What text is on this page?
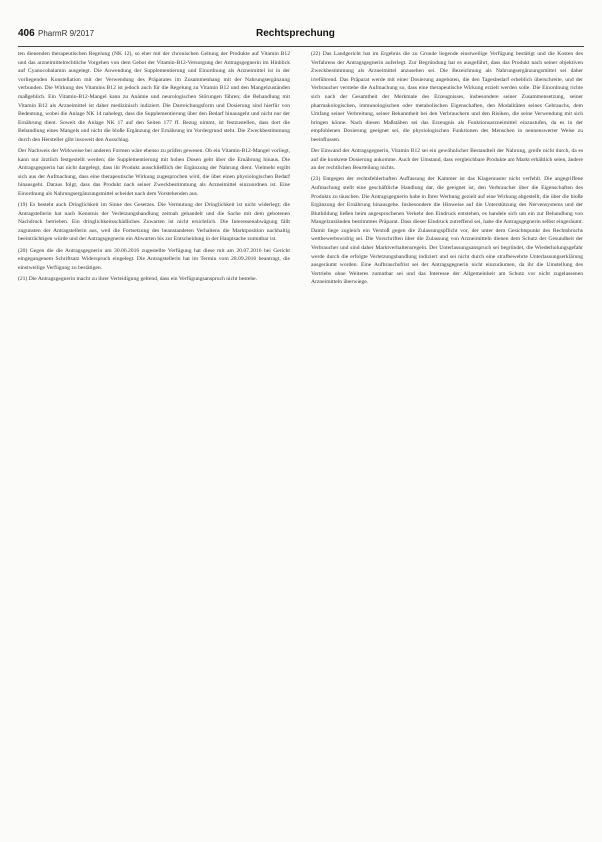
406 PharmR 9/2017	Rechtsprechung

ten dienenden therapeutischen Regelung (NK 12), so eher mit der chronischen Geltung der Produkte auf Vitamin B12 und das arzneimittelrechtliche Vorgehen von dem Gebot der Vitamin-B12-Versorgung der Antragsgegnerin im Hinblick auf Cyanocobalamin ausgelegt. Die Anwendung der Supplementierung und Einordnung als Arzneimittel ist in der vorliegenden Konstellation mit der Verwendung des Präparates im Zusammenhang mit der Nahrungsergänzung verbunden. Die Wirkung des Vitamins B12 ist jedoch auch für die Regelung zu Vitamin B12 und den Mangelzuständen maßgeblich. Ein Vitamin-B12-Mangel kann zu Anämie und neurologischen Störungen führen; die Behandlung mit Vitamin B12 als Arzneimittel ist daher medizinisch indiziert. Die Darreichungsform und Dosierung sind hierfür von Bedeutung, wobei die Anlage NK 14 nahelegt, dass die Supplementierung über den Bedarf hinausgeht und nicht nur der Ernährung dient. Soweit die Anlage NK 17 auf den Seiten 177 ff. Bezug nimmt, ist festzustellen, dass dort die Behandlung eines Mangels und nicht die bloße Ergänzung der Ernährung im Vordergrund steht. Die Zweckbestimmung durch den Hersteller gibt insoweit den Ausschlag.

Der Nachweis der Wirkweise bei anderen Formen wäre ebenso zu prüfen gewesen. Ob ein Vitamin-B12-Mangel vorliegt, kann nur ärztlich festgestellt werden; die Supplementierung mit hohen Dosen geht über die Ernährung hinaus. Die Antragsgegnerin hat nicht dargelegt, dass ihr Produkt ausschließlich der Ergänzung der Nahrung dient. Vielmehr ergibt sich aus der Aufmachung, dass eine therapeutische Wirkung zugesprochen wird, die über einen physiologischen Bedarf hinausgeht. Daraus folgt, dass das Produkt nach seiner Zweckbestimmung als Arzneimittel einzuordnen ist. Eine Einordnung als Nahrungsergänzungsmittel scheidet nach dem Vorstehenden aus.

(19) Es besteht auch Dringlichkeit im Sinne des Gesetzes. Die Vermutung der Dringlichkeit ist nicht widerlegt; die Antragstellerin hat nach Kenntnis der Verletzungshandlung zeitnah gehandelt und die Sache mit dem gebotenen Nachdruck betrieben. Ein dringlichkeitsschädliches Zuwarten ist nicht ersichtlich. Die Interessenabwägung fällt zugunsten der Antragstellerin aus, weil die Fortsetzung des beanstandeten Verhaltens die Marktposition nachhaltig beeinträchtigen würde und der Antragsgegnerin ein Abwarten bis zur Entscheidung in der Hauptsache zumutbar ist.

(20) Gegen die die Antragsgegnerin am 30.06.2016 zugestellte Verfügung hat diese mit am 20.07.2016 bei Gericht eingegangenem Schriftsatz Widerspruch eingelegt. Die Antragstellerin hat im Termin vom 28.09.2016 beantragt, die einstweilige Verfügung zu bestätigen.

(21) Die Antragsgegnerin macht zu ihrer Verteidigung geltend, dass ein Verfügungsanspruch nicht bestehe.

(22) Das Landgericht hat im Ergebnis die zu Grunde liegende einstweilige Verfügung bestätigt und die Kosten des Verfahrens der Antragsgegnerin auferlegt. Zur Begründung hat es ausgeführt, dass das Produkt nach seiner objektiven Zweckbestimmung als Arzneimittel anzusehen sei. Die Bezeichnung als Nahrungsergänzungsmittel sei daher irreführend. Das Präparat werde mit einer Dosierung angeboten, die den Tagesbedarf erheblich überschreite, und der Verbraucher verstehe die Aufmachung so, dass eine therapeutische Wirkung erzielt werden solle. Die Einordnung richte sich nach der Gesamtheit der Merkmale des Erzeugnisses, insbesondere seiner Zusammensetzung, seiner pharmakologischen, immunologischen oder metabolischen Eigenschaften, den Modalitäten seines Gebrauchs, dem Umfang seiner Verbreitung, seiner Bekanntheit bei den Verbrauchern und den Risiken, die seine Verwendung mit sich bringen könne. Nach diesen Maßstäben sei das Erzeugnis als Funktionsarzneimittel einzustufen, da es in der empfohlenen Dosierung geeignet sei, die physiologischen Funktionen des Menschen in nennenswerter Weise zu beeinflussen.

Der Einwand der Antragsgegnerin, Vitamin B12 sei ein gewöhnlicher Bestandteil der Nahrung, greife nicht durch, da es auf die konkrete Dosierung ankomme. Auch der Umstand, dass vergleichbare Produkte am Markt erhältlich seien, ändere an der rechtlichen Beurteilung nichts.

(23) Entgegen der rechtsfehlerhaften Auffassung der Kammer ist das Klagemuster nicht verfehlt. Die angegriffene Aufmachung stellt eine geschäftliche Handlung dar, die geeignet ist, den Verbraucher über die Eigenschaften des Produkts zu täuschen. Die Antragsgegnerin habe in Ihrer Werbung gezielt auf eine Wirkung abgestellt, die über die bloße Ergänzung der Ernährung hinausgehe. Insbesondere die Hinweise auf die Unterstützung des Nervensystems und der Blutbildung ließen beim angesprochenen Verkehr den Eindruck entstehen, es handele sich um ein zur Behandlung von Mangelzuständen bestimmtes Präparat. Dass dieser Eindruck zutreffend sei, habe die Antragsgegnerin selbst eingeräumt. Damit liege zugleich ein Verstoß gegen die Zulassungspflicht vor, der unter dem Gesichtspunkt des Rechtsbruchs wettbewerbswidrig sei. Die Vorschriften über die Zulassung von Arzneimitteln dienen dem Schutz der Gesundheit der Verbraucher und sind daher Marktverhaltensregeln. Der Unterlassungsanspruch sei begründet, die Wiederholungsgefahr werde durch die erfolgte Verletzungshandlung indiziert und sei nicht durch eine strafbewehrte Unterlassungserklärung ausgeräumt worden. Eine Aufbrauchsfrist sei der Antragsgegnerin nicht einzuräumen, da ihr die Umstellung des Vertriebs ohne Weiteres zumutbar sei und das Interesse der Allgemeinheit am Schutz vor nicht zugelassenen Arzneimitteln überwiege.
